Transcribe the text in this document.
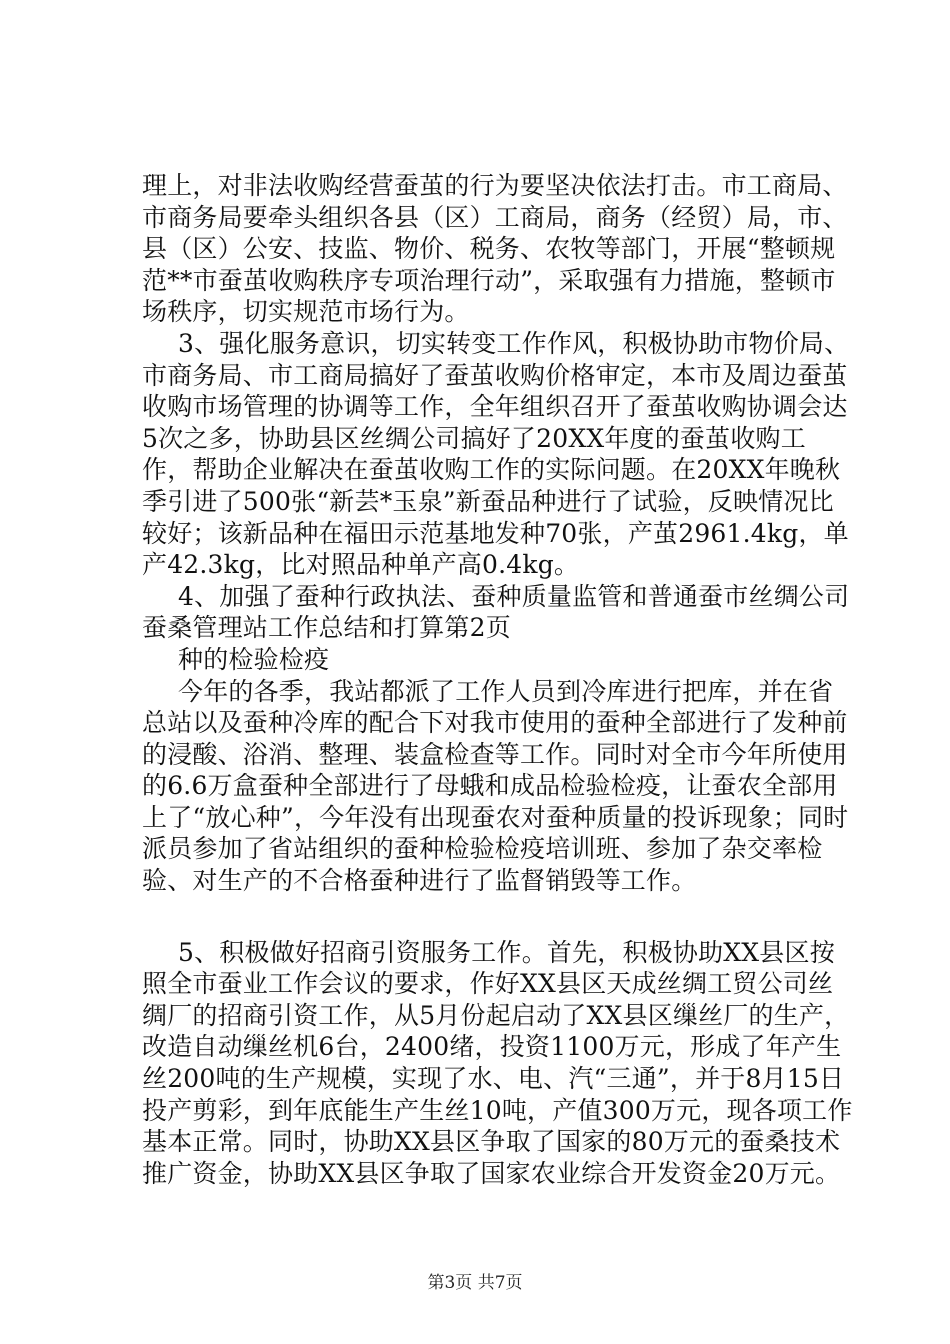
理上，对非法收购经营蚕茧的行为要坚决依法打击。市工商局、市商务局要牵头组织各县（区）工商局，商务（经贸）局，市、县（区）公安、技监、物价、税务、农牧等部门，开展“整顿规范**市蚕茧收购秩序专项治理行动”，采取强有力措施，整顿市场秩序，切实规范市场行为。

3、强化服务意识，切实转变工作作风，积极协助市物价局、市商务局、市工商局搞好了蚕茧收购价格审定，本市及周边蚕茧收购市场管理的协调等工作，全年组织召开了蚕茧收购协调会达5次之多，协助县区丝绸公司搞好了20XX年度的蚕茧收购工作，帮助企业解决在蚕茧收购工作的实际问题。在20XX年晚秋季引进了500张“新芸*玉泉”新蚕品种进行了试验，反映情况比较好；该新品种在福田示范基地发种70张，产茧2961.4kg，单产42.3kg，比对照品种单产高0.4kg。

4、加强了蚕种行政执法、蚕种质量监管和普通蚕市丝绸公司蚕桑管理站工作总结和打算第2页

种的检验检疫

今年的各季，我站都派了工作人员到冷库进行把库，并在省总站以及蚕种冷库的配合下对我市使用的蚕种全部进行了发种前的浸酸、浴消、整理、装盒检查等工作。同时对全市今年所使用的6.6万盒蚕种全部进行了母蛾和成品检验检疫，让蚕农全部用上了“放心种”，今年没有出现蚕农对蚕种质量的投诉现象；同时派员参加了省站组织的蚕种检验检疫培训班、参加了杂交率检验、对生产的不合格蚕种进行了监督销毁等工作。

5、积极做好招商引资服务工作。首先，积极协助XX县区按照全市蚕业工作会议的要求，作好XX县区天成丝绸工贸公司丝绸厂的招商引资工作，从5月份起启动了XX县区缫丝厂的生产，改造自动缫丝机6台，2400绪，投资1100万元，形成了年产生丝200吨的生产规模，实现了水、电、汽“三通”，并于8月15日投产剪彩，到年底能生产生丝10吨，产值300万元，现各项工作基本正常。同时，协助XX县区争取了国家的80万元的蚕桑技术推广资金，协助XX县区争取了国家农业综合开发资金20万元。

第3页 共7页
